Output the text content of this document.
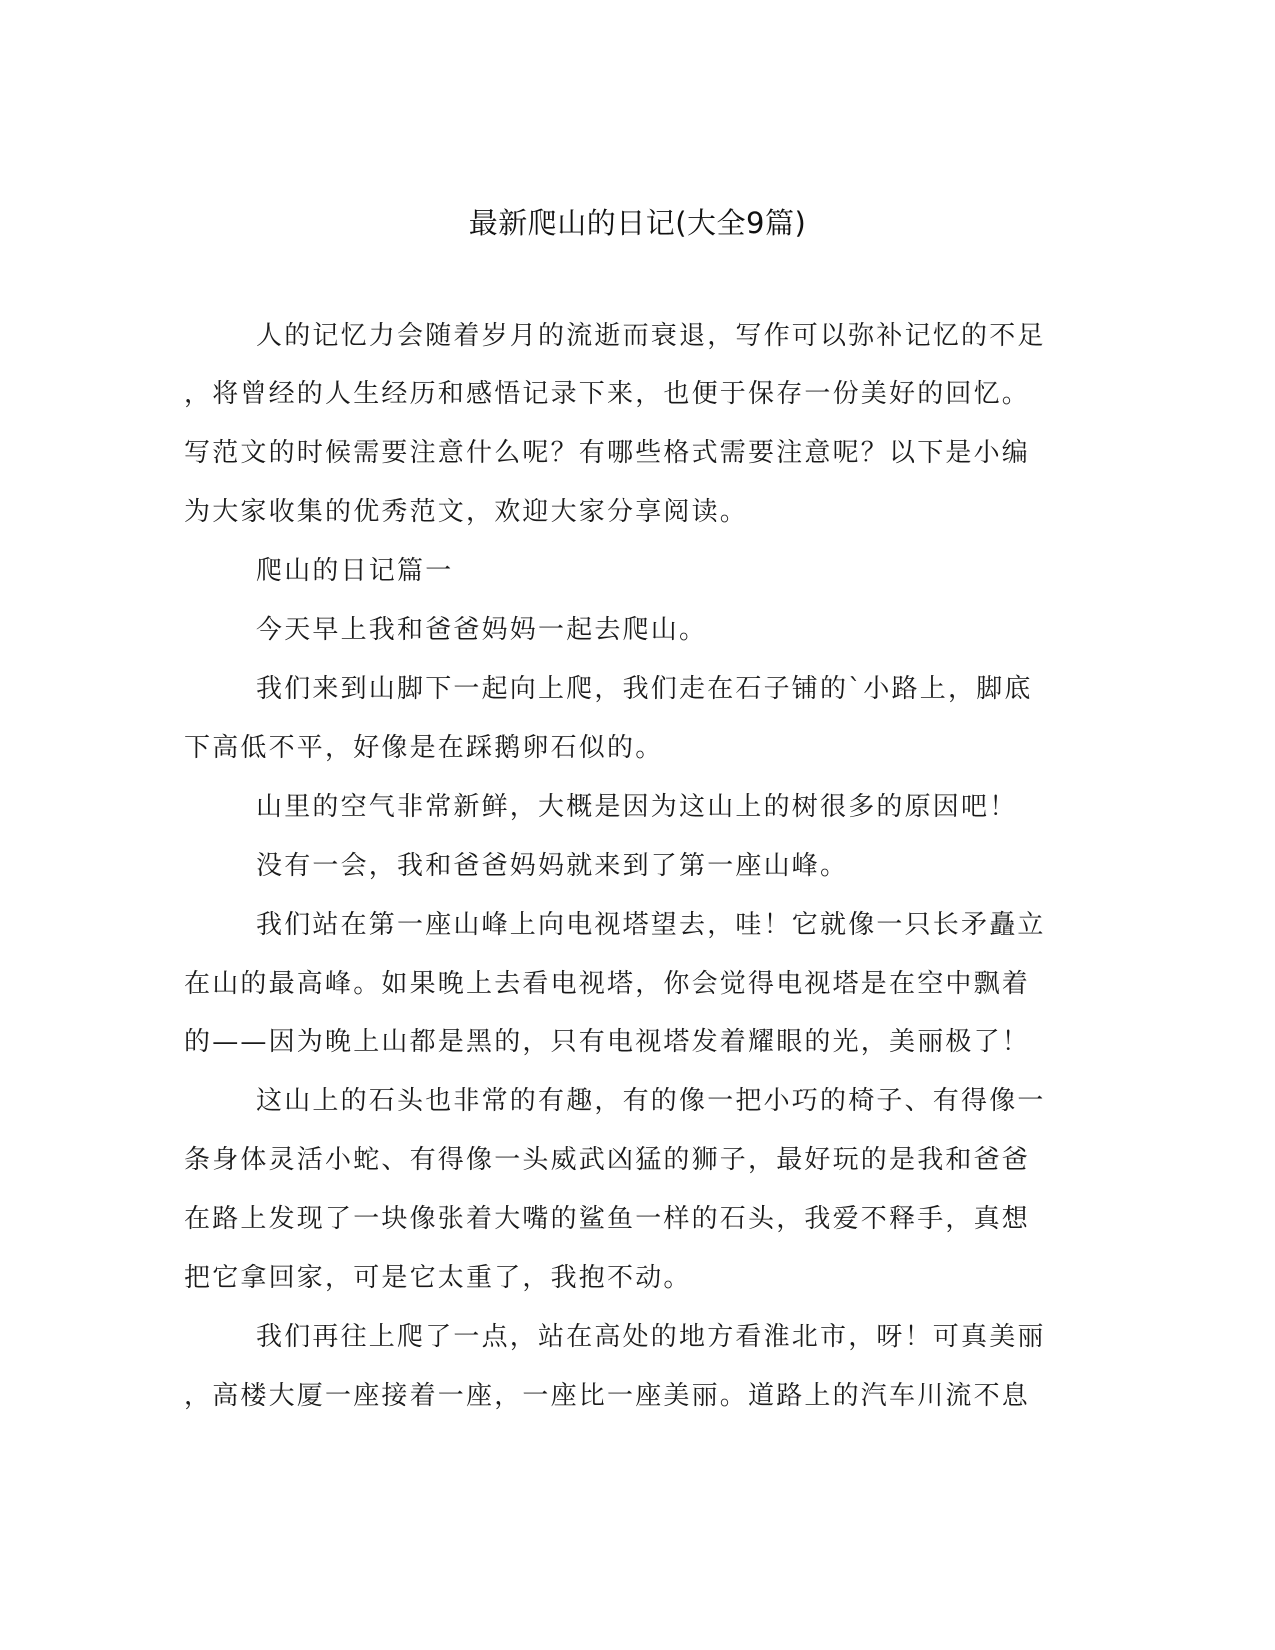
最新爬山的日记(大全9篇)
人的记忆力会随着岁月的流逝而衰退，写作可以弥补记忆的不足
，将曾经的人生经历和感悟记录下来，也便于保存一份美好的回忆。
写范文的时候需要注意什么呢？有哪些格式需要注意呢？以下是小编
为大家收集的优秀范文，欢迎大家分享阅读。
爬山的日记篇一
今天早上我和爸爸妈妈一起去爬山。
我们来到山脚下一起向上爬，我们走在石子铺的`小路上，脚底
下高低不平，好像是在踩鹅卵石似的。
山里的空气非常新鲜，大概是因为这山上的树很多的原因吧！
没有一会，我和爸爸妈妈就来到了第一座山峰。
我们站在第一座山峰上向电视塔望去，哇！它就像一只长矛矗立
在山的最高峰。如果晚上去看电视塔，你会觉得电视塔是在空中飘着
的——因为晚上山都是黑的，只有电视塔发着耀眼的光，美丽极了！
这山上的石头也非常的有趣，有的像一把小巧的椅子、有得像一
条身体灵活小蛇、有得像一头威武凶猛的狮子，最好玩的是我和爸爸
在路上发现了一块像张着大嘴的鲨鱼一样的石头，我爱不释手，真想
把它拿回家，可是它太重了，我抱不动。
我们再往上爬了一点，站在高处的地方看淮北市，呀！可真美丽
，高楼大厦一座接着一座，一座比一座美丽。道路上的汽车川流不息
